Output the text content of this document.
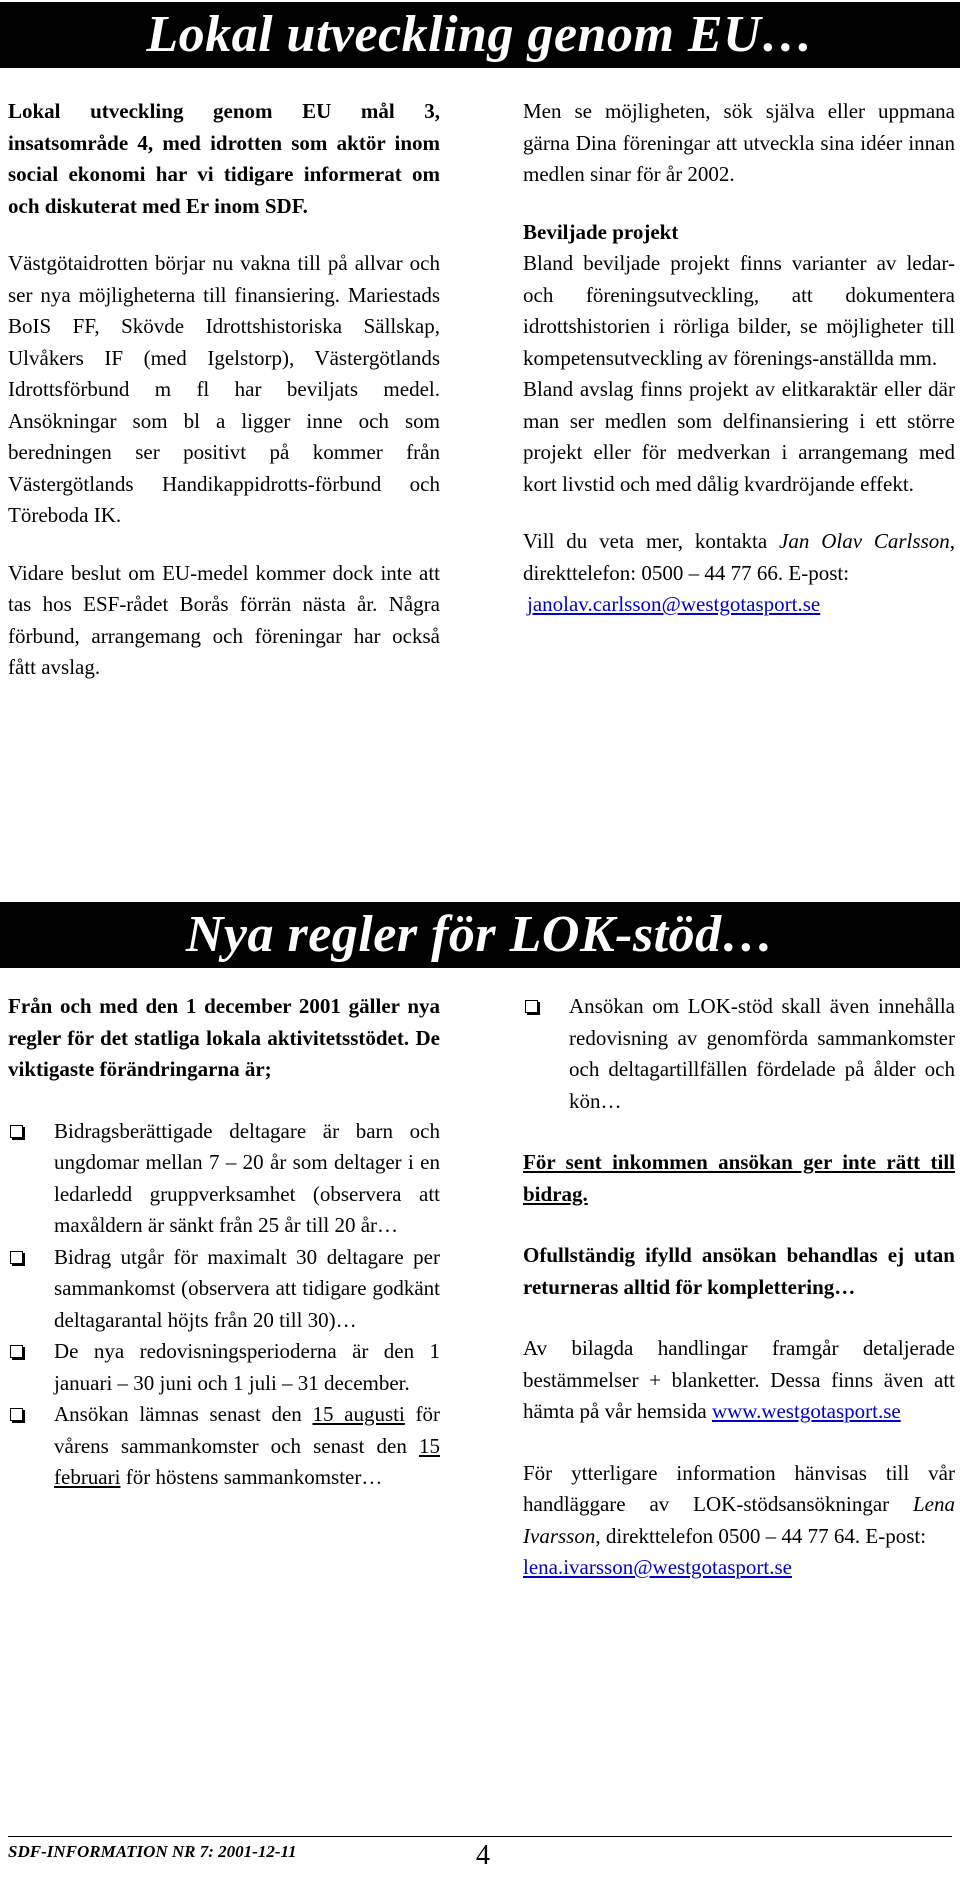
Lokal utveckling genom EU…

Lokal utveckling genom EU mål 3, insatsområde 4, med idrotten som aktör inom social ekonomi har vi tidigare informerat om och diskuterat med Er inom SDF.

Västgötaidrotten börjar nu vakna till på allvar och ser nya möjligheterna till finansiering. Mariestads BoIS FF, Skövde Idrottshistoriska Sällskap, Ulvåkers IF (med Igelstorp), Västergötlands Idrottsförbund m fl har beviljats medel. Ansökningar som bl a ligger inne och som beredningen ser positivt på kommer från Västergötlands Handikappidrotts-förbund och Töreboda IK.

Vidare beslut om EU-medel kommer dock inte att tas hos ESF-rådet Borås förrän nästa år. Några förbund, arrangemang och föreningar har också fått avslag.

Men se möjligheten, sök själva eller uppmana gärna Dina föreningar att utveckla sina idéer innan medlen sinar för år 2002.

Beviljade projekt

Bland beviljade projekt finns varianter av ledar- och föreningsutveckling, att dokumentera idrottshistorien i rörliga bilder, se möjligheter till kompetensutveckling av förenings-anställda mm.

Bland avslag finns projekt av elitkaraktär eller där man ser medlen som delfinansiering i ett större projekt eller för medverkan i arrangemang med kort livstid och med dålig kvardröjande effekt.

Vill du veta mer, kontakta Jan Olav Carlsson, direkttelefon: 0500 – 44 77 66. E-post:

janolav.carlsson@westgotasport.se

Nya regler för LOK-stöd…

Från och med den 1 december 2001 gäller nya regler för det statliga lokala aktivitetsstödet. De viktigaste förändringarna är;

Bidragsberättigade deltagare är barn och ungdomar mellan 7 – 20 år som deltager i en ledarledd gruppverksamhet (observera att maxåldern är sänkt från 25 år till 20 år…
Bidrag utgår för maximalt 30 deltagare per sammankomst (observera att tidigare godkänt deltagarantal höjts från 20 till 30)…
De nya redovisningsperioderna är den 1 januari – 30 juni och 1 juli – 31 december.
Ansökan lämnas senast den 15 augusti för vårens sammankomster och senast den 15 februari för höstens sammankomster…
Ansökan om LOK-stöd skall även innehålla redovisning av genomförda sammankomster och deltagartillfällen fördelade på ålder och kön…

För sent inkommen ansökan ger inte rätt till bidrag.

Ofullständig ifylld ansökan behandlas ej utan returneras alltid för komplettering…

Av bilagda handlingar framgår detaljerade bestämmelser + blanketter. Dessa finns även att hämta på vår hemsida www.westgotasport.se

För ytterligare information hänvisas till vår handläggare av LOK-stödsansökningar Lena Ivarsson, direkttelefon 0500 – 44 77 64. E-post:

lena.ivarsson@westgotasport.se

SDF-INFORMATION NR 7: 2001-12-11	4
